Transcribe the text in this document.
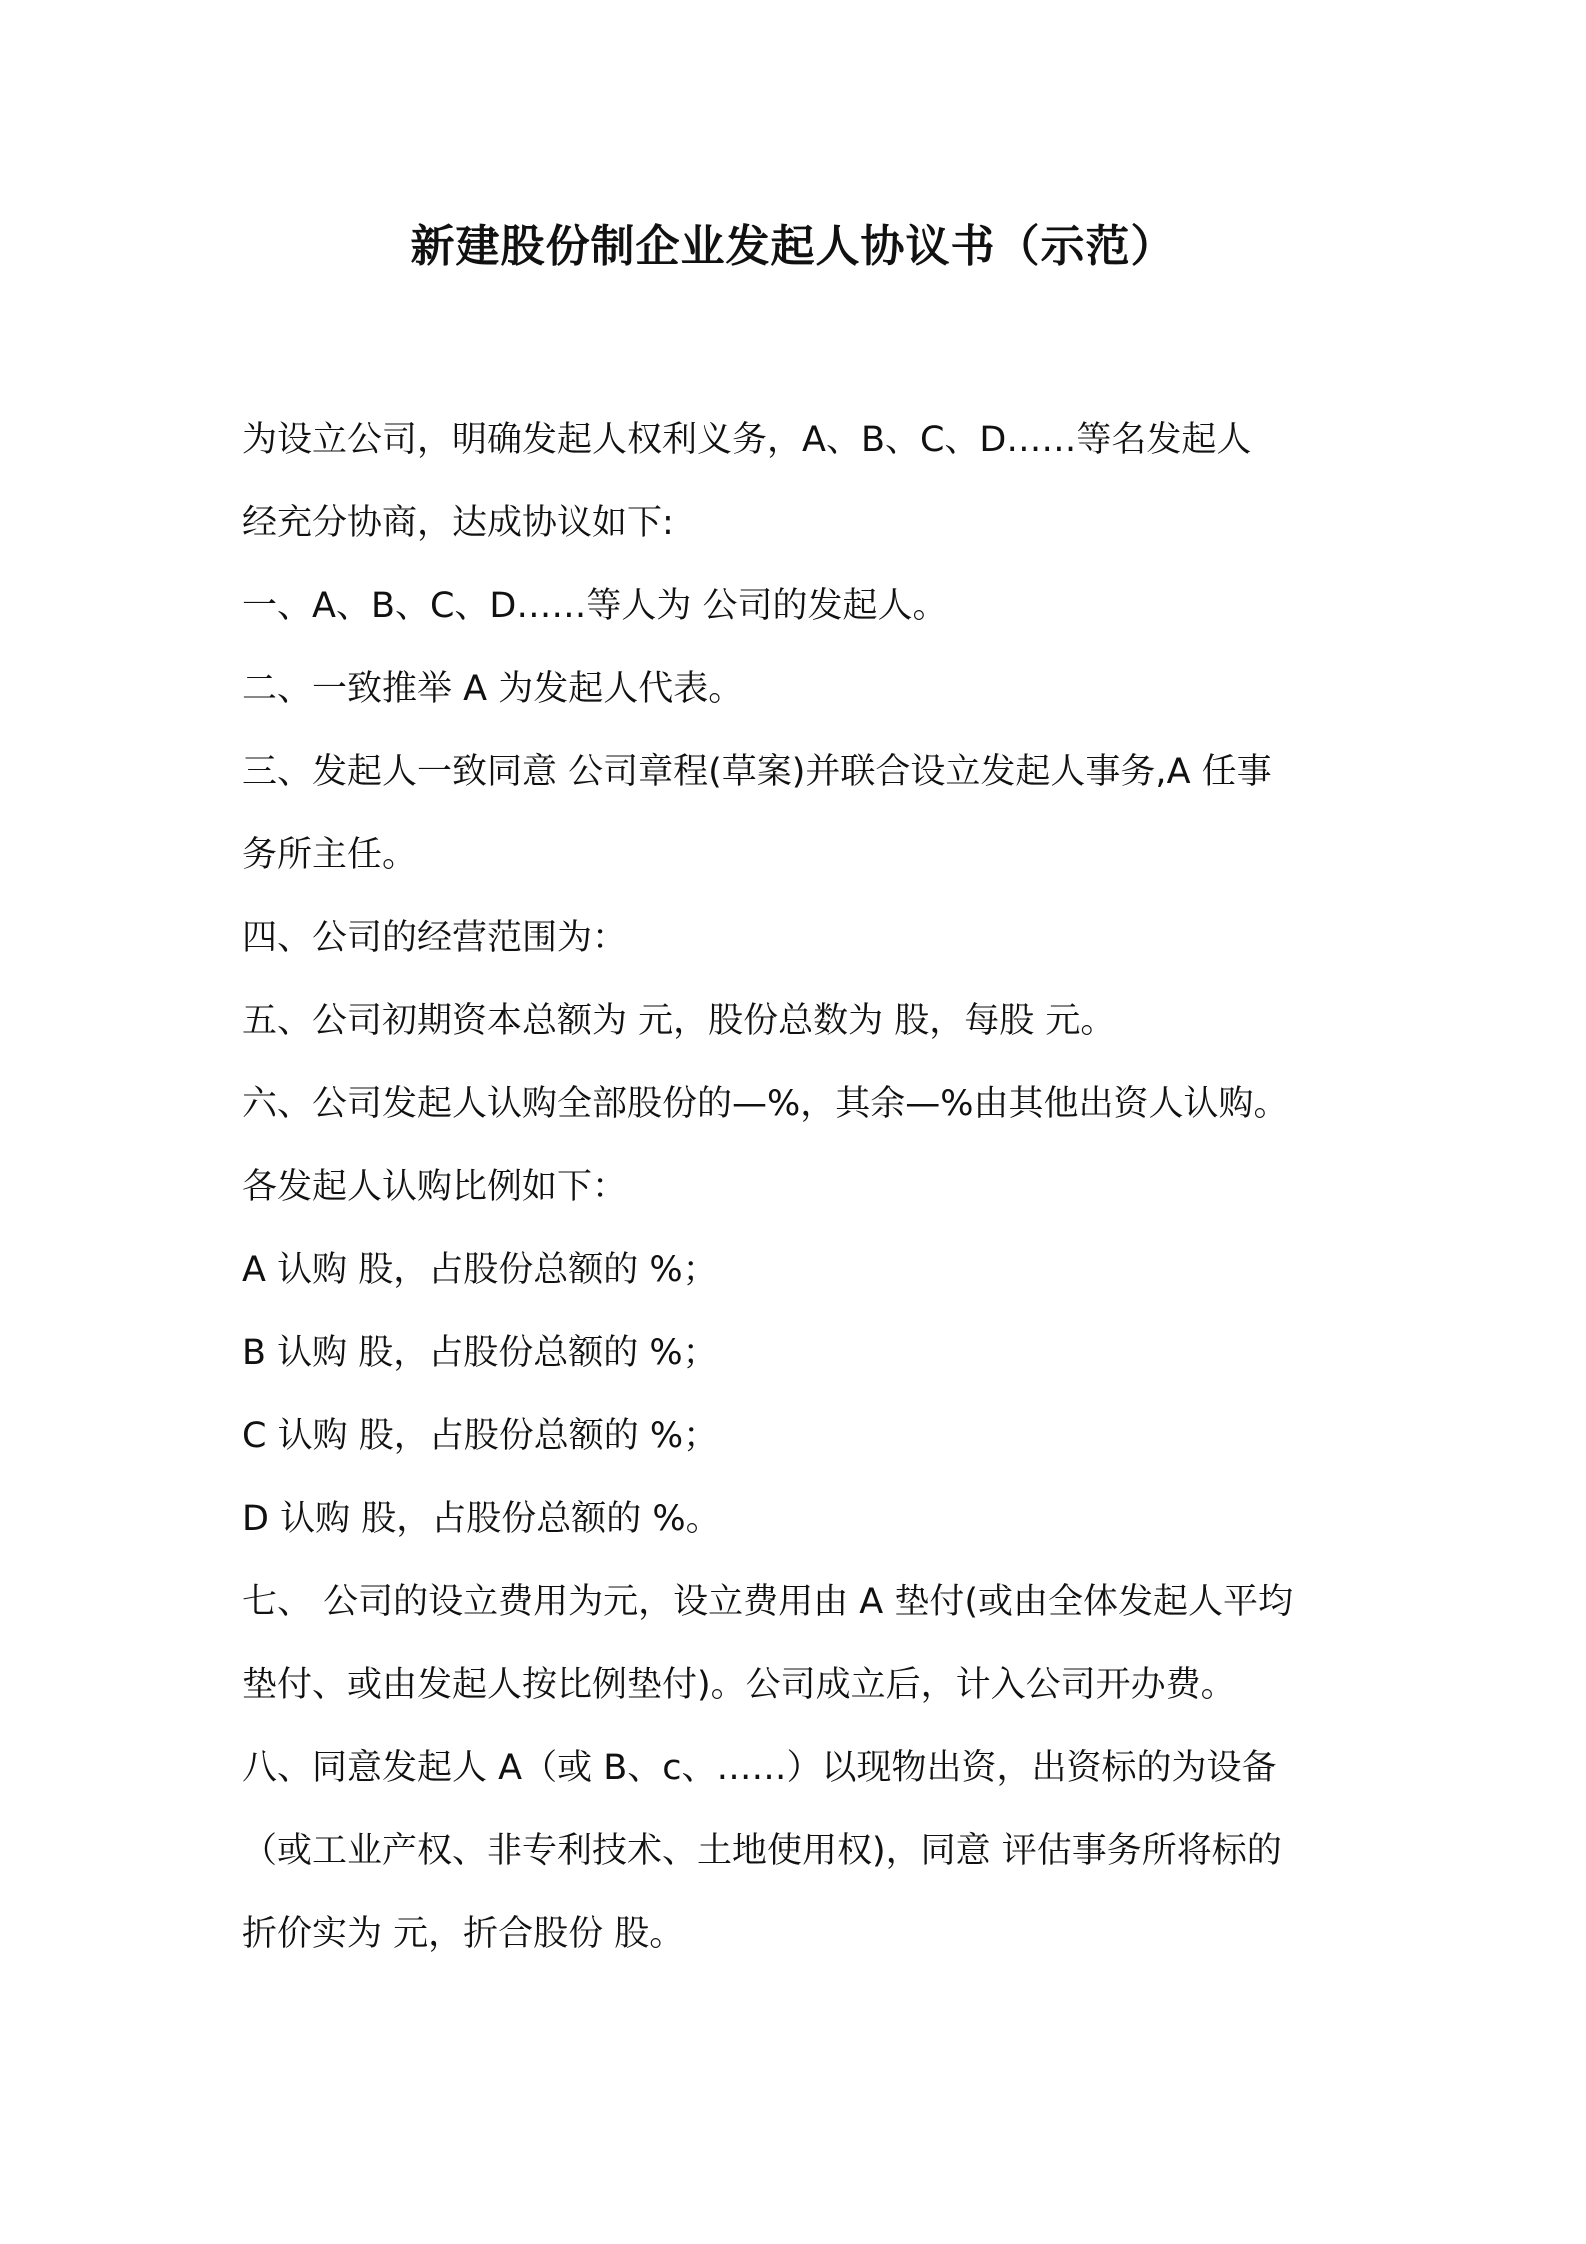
新建股份制企业发起人协议书（示范）
为设立公司，明确发起人权利义务，A、B、C、D……等名发起人
经充分协商，达成协议如下:
一、A、B、C、D……等人为 公司的发起人。
二、一致推举 A 为发起人代表。
三、发起人一致同意 公司章程(草案)并联合设立发起人事务,A 任事
务所主任。
四、公司的经营范围为：
五、公司初期资本总额为 元，股份总数为 股，每股 元。
六、公司发起人认购全部股份的—%，其余—%由其他出资人认购。
各发起人认购比例如下：
A 认购 股，占股份总额的 %；
B 认购 股，占股份总额的 %；
C 认购 股，占股份总额的 %；
D 认购 股，占股份总额的 %。
七、 公司的设立费用为元，设立费用由 A 垫付(或由全体发起人平均
垫付、或由发起人按比例垫付)。公司成立后，计入公司开办费。
八、同意发起人 A（或 B、c、……）以现物出资，出资标的为设备
（或工业产权、非专利技术、土地使用权)，同意 评估事务所将标的
折价实为 元，折合股份 股。
